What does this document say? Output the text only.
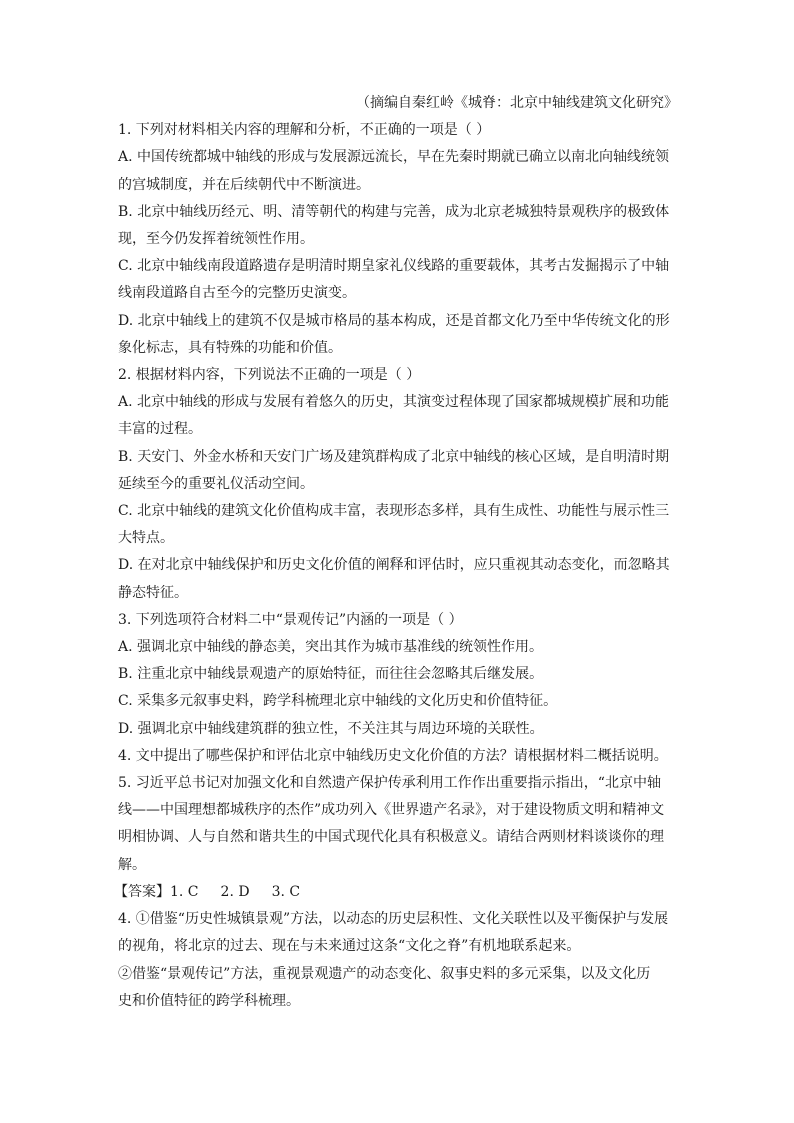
（摘编自秦红岭《城脊：北京中轴线建筑文化研究》
1. 下列对材料相关内容的理解和分析，不正确的一项是（ ）
A. 中国传统都城中轴线的形成与发展源远流长，早在先秦时期就已确立以南北向轴线统领
的宫城制度，并在后续朝代中不断演进。
B. 北京中轴线历经元、明、清等朝代的构建与完善，成为北京老城独特景观秩序的极致体
现，至今仍发挥着统领性作用。
C. 北京中轴线南段道路遗存是明清时期皇家礼仪线路的重要载体，其考古发掘揭示了中轴
线南段道路自古至今的完整历史演变。
D. 北京中轴线上的建筑不仅是城市格局的基本构成，还是首都文化乃至中华传统文化的形
象化标志，具有特殊的功能和价值。
2. 根据材料内容，下列说法不正确的一项是（ ）
A. 北京中轴线的形成与发展有着悠久的历史，其演变过程体现了国家都城规模扩展和功能
丰富的过程。
B. 天安门、外金水桥和天安门广场及建筑群构成了北京中轴线的核心区域，是自明清时期
延续至今的重要礼仪活动空间。
C. 北京中轴线的建筑文化价值构成丰富，表现形态多样，具有生成性、功能性与展示性三
大特点。
D. 在对北京中轴线保护和历史文化价值的阐释和评估时，应只重视其动态变化，而忽略其
静态特征。
3. 下列选项符合材料二中“景观传记”内涵的一项是（ ）
A. 强调北京中轴线的静态美，突出其作为城市基准线的统领性作用。
B. 注重北京中轴线景观遗产的原始特征，而往往会忽略其后继发展。
C. 采集多元叙事史料，跨学科梳理北京中轴线的文化历史和价值特征。
D. 强调北京中轴线建筑群的独立性，不关注其与周边环境的关联性。
4. 文中提出了哪些保护和评估北京中轴线历史文化价值的方法？请根据材料二概括说明。
5. 习近平总书记对加强文化和自然遗产保护传承利用工作作出重要指示指出，“北京中轴
线——中国理想都城秩序的杰作”成功列入《世界遗产名录》，对于建设物质文明和精神文
明相协调、人与自然和谐共生的中国式现代化具有积极意义。请结合两则材料谈谈你的理
解。
【答案】1. C 2. D 3. C
4. ①借鉴“历史性城镇景观”方法，以动态的历史层积性、文化关联性以及平衡保护与发展
的视角，将北京的过去、现在与未来通过这条“文化之脊”有机地联系起来。
②借鉴“景观传记”方法，重视景观遗产的动态变化、叙事史料的多元采集，以及文化历
史和价值特征的跨学科梳理。
